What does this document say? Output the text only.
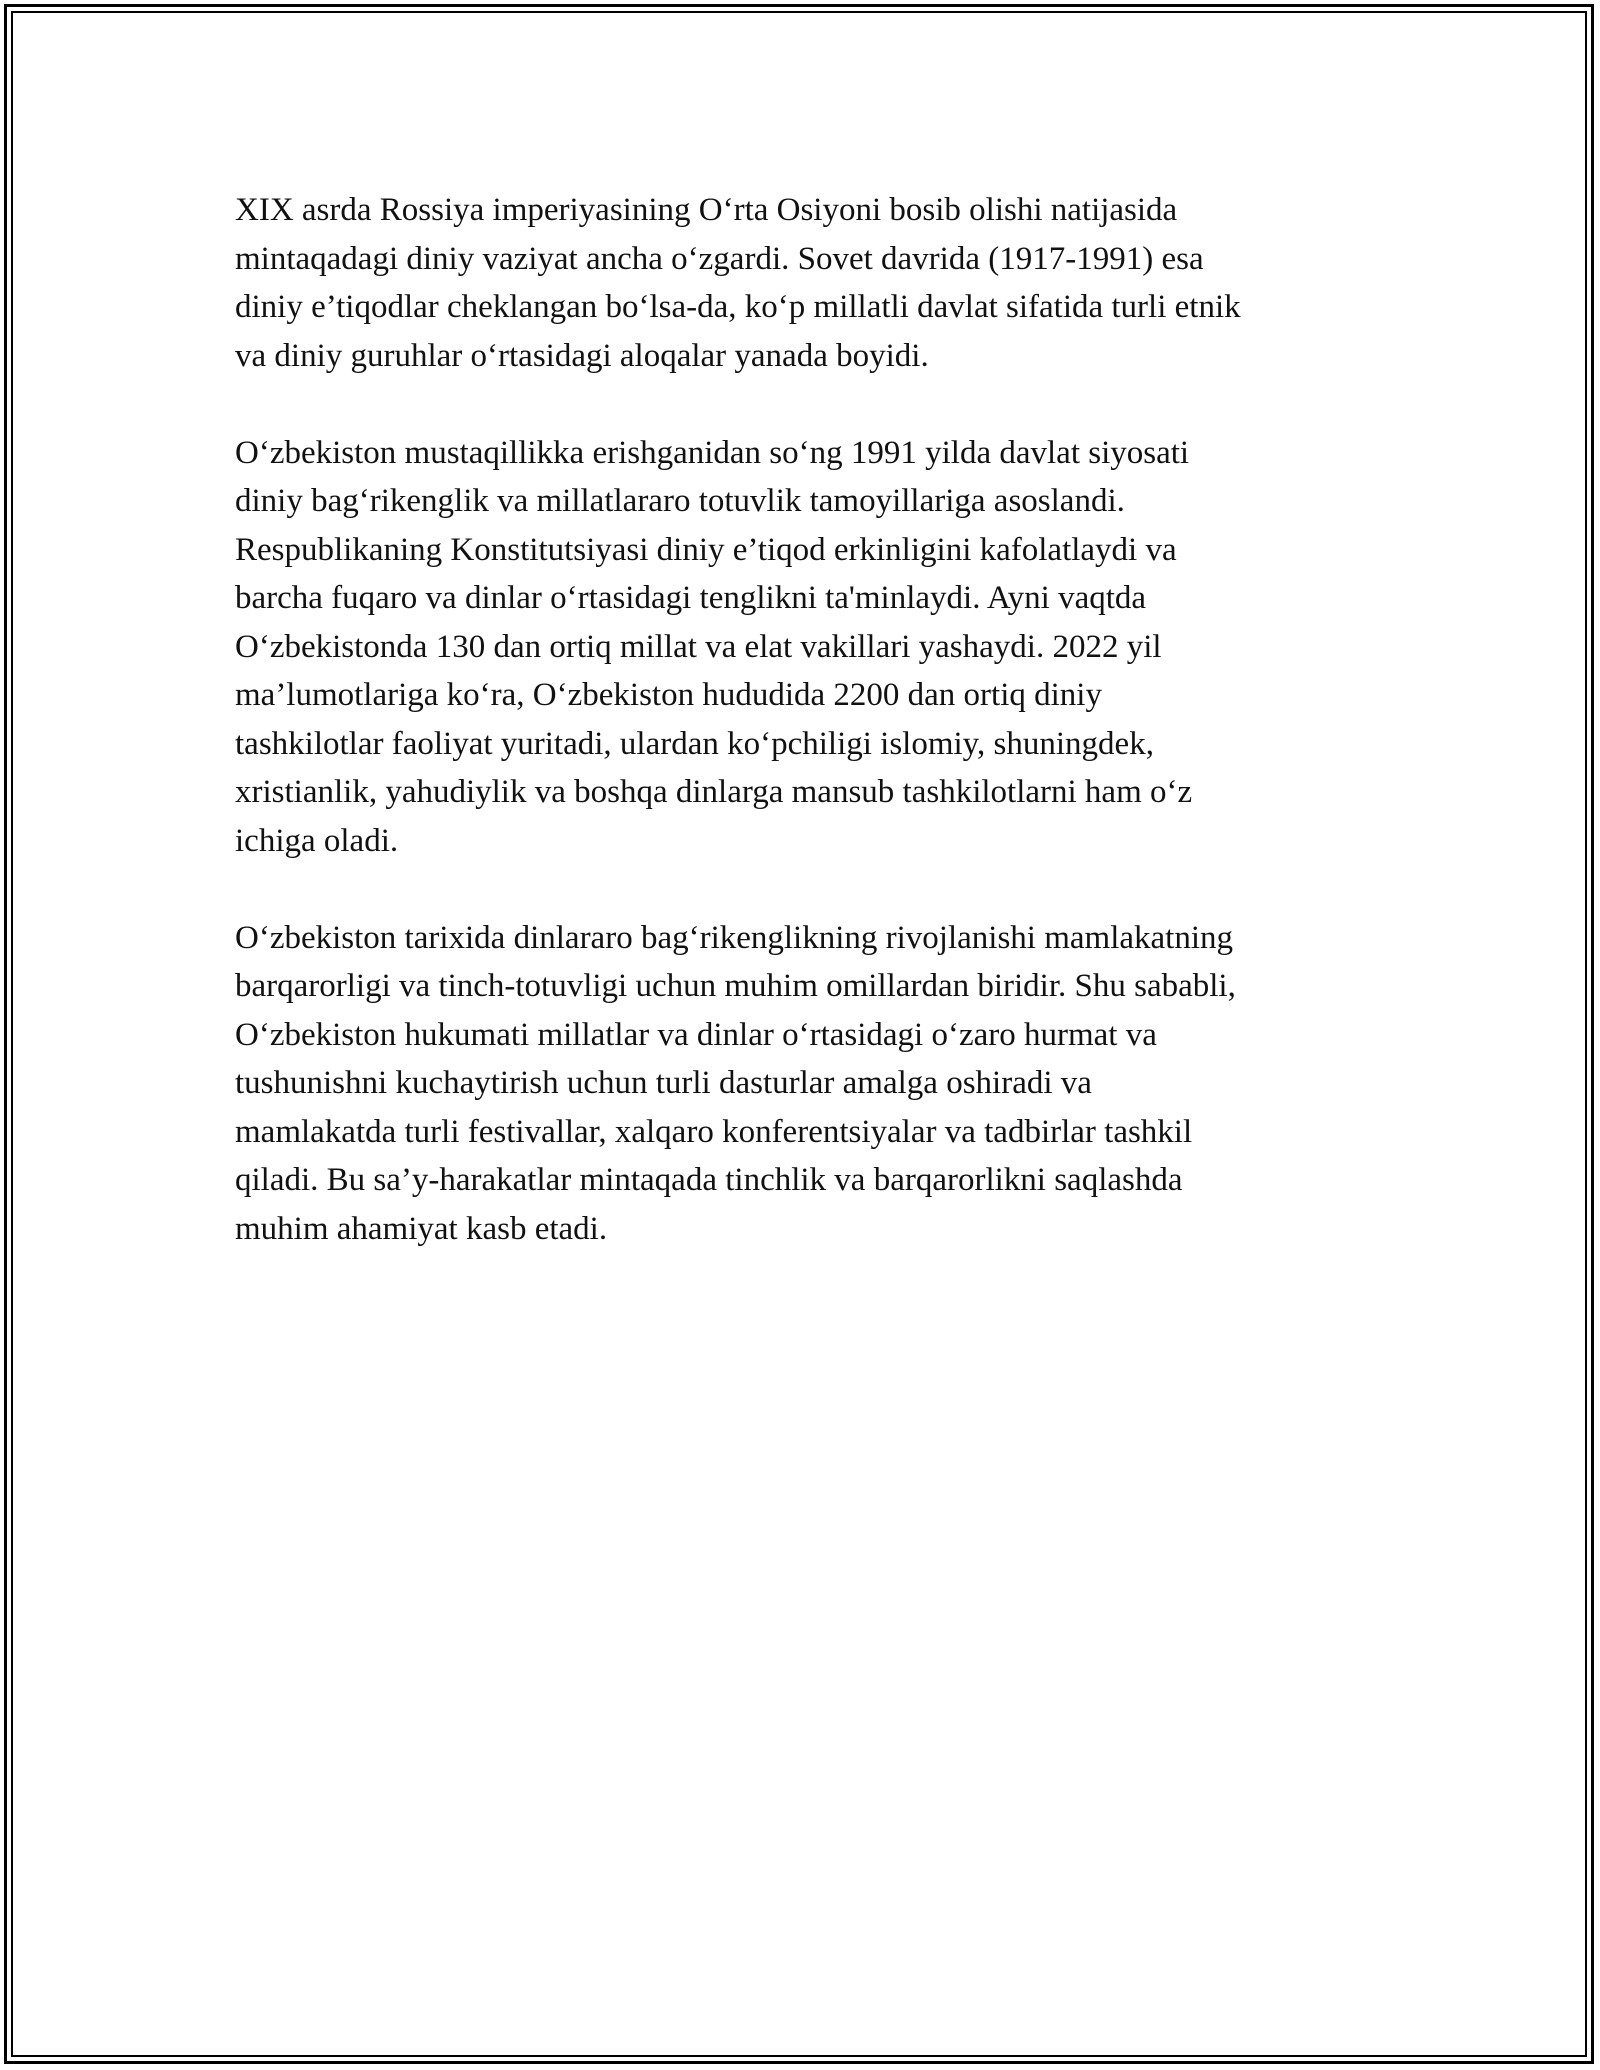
XIX asrda Rossiya imperiyasining O‘rta Osiyoni bosib olishi natijasida
mintaqadagi diniy vaziyat ancha o‘zgardi. Sovet davrida (1917-1991) esa
diniy e’tiqodlar cheklangan bo‘lsa-da, ko‘p millatli davlat sifatida turli etnik
va diniy guruhlar o‘rtasidagi aloqalar yanada boyidi.

O‘zbekiston mustaqillikka erishganidan so‘ng 1991 yilda davlat siyosati
diniy bag‘rikenglik va millatlararo totuvlik tamoyillariga asoslandi.
Respublikaning Konstitutsiyasi diniy e’tiqod erkinligini kafolatlaydi va
barcha fuqaro va dinlar o‘rtasidagi tenglikni ta'minlaydi. Ayni vaqtda
O‘zbekistonda 130 dan ortiq millat va elat vakillari yashaydi. 2022 yil
ma’lumotlariga ko‘ra, O‘zbekiston hududida 2200 dan ortiq diniy
tashkilotlar faoliyat yuritadi, ulardan ko‘pchiligi islomiy, shuningdek,
xristianlik, yahudiylik va boshqa dinlarga mansub tashkilotlarni ham o‘z
ichiga oladi.

O‘zbekiston tarixida dinlararo bag‘rikenglikning rivojlanishi mamlakatning
barqarorligi va tinch-totuvligi uchun muhim omillardan biridir. Shu sababli,
O‘zbekiston hukumati millatlar va dinlar o‘rtasidagi o‘zaro hurmat va
tushunishni kuchaytirish uchun turli dasturlar amalga oshiradi va
mamlakatda turli festivallar, xalqaro konferentsiyalar va tadbirlar tashkil
qiladi. Bu sa’y-harakatlar mintaqada tinchlik va barqarorlikni saqlashda
muhim ahamiyat kasb etadi.
